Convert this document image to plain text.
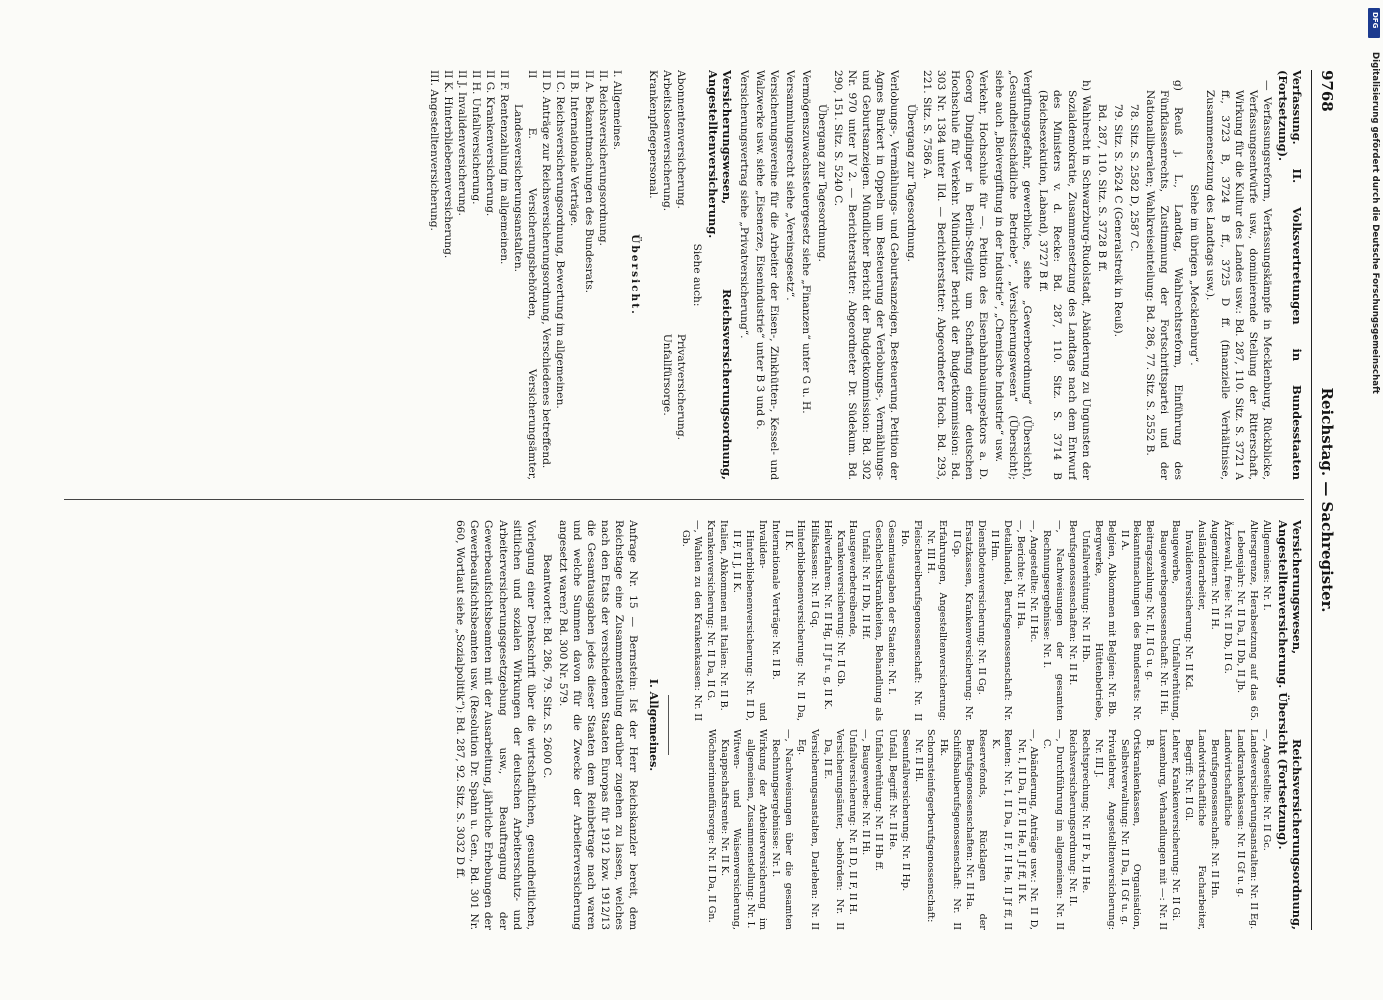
9768
Reichstag. — Sachregister.
Verfassung. II. Volksvertretungen in Bundesstaaten (Fortsetzung).
— Verfassungsreform, Verfassungskämpfe in Mecklenburg, Rückblicke, Verfassungsentwürfe usw., dominierende Stellung der Ritterschaft, Wirkung für die Kultur des Landes usw.: Bd. 287, 110. Sitz. S. 3721 A ff., 3723 B, 3724 B ff., 3725 D ff. (finanzielle Verhältnisse, Zusammensetzung des Landtags usw.).
Siehe im übrigen „Mecklenburg“.
g) Reuß j. L., Landtag, Wahlrechtsreform, Einführung des Fünfklassenrechts, Zustimmung der Fortschrittspartei und der Nationalliberalen; Wahlkreiseinteilung: Bd. 286, 77. Sitz. S. 2552 B.
78. Sitz. S. 2582 D, 2587 C.
79. Sitz. S. 2624 C (Generalstreik in Reuß).
Bd. 287, 110. Sitz. S. 3728 B ff.
h) Wahlrecht in Schwarzburg-Rudolstadt, Abänderung zu Ungunsten der Sozialdemokratie, Zusammensetzung des Landtags nach dem Entwurf des Ministers v. d. Recke: Bd. 287, 110. Sitz. S. 3714 B (Reichsexekution, Laband), 3727 B ff.
Vergiftungsgefahr, gewerbliche, siehe „Gewerbeordnung“ (Übersicht), „Gesundheitsschädliche Betriebe“, „Versicherungswesen“ (Übersicht); siehe auch „Bleivergiftung in der Industrie“, „Chemische Industrie“ usw.
Verkehr, Hochschule für —. Petition des Eisenbahnbauinspektors a. D. Georg Dinglinger in Berlin-Steglitz um Schaffung einer deutschen Hochschule für Verkehr. Mündlicher Bericht der Budgetkommission: Bd. 303 Nr. 1384 unter IId. — Berichterstatter: Abgeordneter Hoch. Bd. 293, 221. Sitz. S. 7586 A.
Übergang zur Tagesordnung.
Verlobungs-, Vermählungs- und Geburtsanzeigen, Besteuerung. Petition der Agnes Burkert in Oppeln um Besteuerung der Verlobungs-, Vermählungs- und Geburtsanzeigen. Mündlicher Bericht der Budgetkommission: Bd. 302 Nr. 970 unter IV 2. — Berichterstatter: Abgeordneter Dr. Südekum. Bd. 290, 151. Sitz. S. 5240 C.
Übergang zur Tagesordnung.
Vermögenszuwachssteuergesetz siehe „Finanzen“ unter G u. H.
Versammlungsrecht siehe „Vereinsgesetz“.
Versicherungsvereine für die Arbeiter der Eisen-, Zinkhütten-, Kessel- und Walzwerke usw. siehe „Eisenerze, Eisenindustrie“ unter B 3 und 6.
Versicherungsvertrag siehe „Privatversicherung“.
Versicherungswesen, Reichsversicherungsordnung, Angestelltenversicherung.
Siehe auch:
Abonnentenversicherung.
Arbeitslosenversicherung.
Krankenpflegepersonal.
Privatversicherung.
Unfallfürsorge.
Übersicht.
I. Allgemeines.
II. Reichsversicherungsordnung.
II A. Bekanntmachungen des Bundesrats.
II B. Internationale Verträge.
II C. Reichsversicherungsordnung, Bewertung im allgemeinen.
II D. Anträge zur Reichsversicherungsordnung, Verschiedenes betreffend.
II E. Versicherungsbehörden, Versicherungsämter, Landesversicherungsanstalten.
II F. Rentenzahlung im allgemeinen.
II G. Krankenversicherung.
II H. Unfallversicherung.
II J. Invalidenversicherung.
II K. Hinterbliebenenversicherung.
III. Angestelltenversicherung.
Versicherungswesen, Reichsversicherungsordnung, Angestelltenversicherung. Übersicht (Fortsetzung).
Allgemeines: Nr. I.
Altersgrenze, Herabsetzung auf das 65. Lebensjahr: Nr. II Da, II Db, II Jb.
Ärztewahl, freie: Nr. II Db, II G.
Augenzittern: Nr. II H.
Ausländerarbeiter, Invalidenversicherung: Nr. II Kd.
Baugewerbe, Unfallverhütung, Baugewerbsgenossenschaft: Nr. II Hi.
Beitragszahlung: Nr. II, II G u. g.
Bekanntmachungen des Bundesrats: Nr. II A.
Belgien, Abkommen mit Belgien: Nr. Bb.
Bergwerke, Hüttenbetriebe, Unfallverhütung: Nr. II Hb.
Berufsgenossenschaften: Nr. II H.
—, Nachweisungen der gesamten Rechnungsergebnisse: Nr. I.
—, Angestellte: Nr. II Hc.
—, Berichte: Nr. II Ha.
Detailhandel, Berufsgenossenschaft: Nr. II Hm.
Dienstbotenversicherung: Nr. II Gg.
Ersatzkassen, Krankenversicherung: Nr. II Gp.
Erfahrungen, Angestelltenversicherung: Nr. III H.
Fleischereiberufsgenossenschaft: Nr. II Ho.
Gesamtausgaben der Staaten: Nr. I.
Geschlechtskrankheiten, Behandlung als Unfall: Nr. II Db, II Hf.
Hausgewerbetreibende, Krankenversicherung: Nr. II Gb.
Heilverfahren: Nr. II Hg, II Jf u. g, II K.
Hilfskassen: Nr. II Gq.
Hinterbliebenenversicherung: Nr. II Da, II K.
Internationale Verträge: Nr. II B.
Invaliden- und Hinterbliebenenversicherung: Nr. II D, II F, II J, II K.
Italien, Abkommen mit Italien: Nr. II B.
Krankenversicherung: Nr. II Da, II G.
—, Wahlen zu den Krankenkassen: Nr. II Gb.
—, Angestellte: Nr. II Gc.
Landesversicherungsanstalten: Nr. II Eg.
Landkrankenkassen: Nr. II Gf u. g.
Landwirtschaftliche Berufsgenossenschaft: Nr. II Hn.
Landwirtschaftliche Facharbeiter, Begriff: Nr. II Gl.
Lehrer, Krankenversicherung: Nr. II Gi.
Luxemburg, Verhandlungen mit —: Nr. II B.
Ortskrankenkassen, Organisation, Selbstverwaltung: Nr. II Da, II Gf u. g.
Privatlehrer, Angestelltenversicherung: Nr. III J.
Rechtsprechung: Nr. II F b, II He.
Reichsversicherungsordnung: Nr. II.
—, Durchführung im allgemeinen: Nr. II C.
—, Abänderung, Anträge usw.: Nr. II D, Nr. I, II Da, II F, II He, II Jf ff, II K.
Renten: Nr. I, II Da, II F, II He, II Jf ff, II K.
Reservefonds, Rücklagen der Berufsgenossenschaften: Nr. II Ha.
Schiffsbauberufsgenossenschaft: Nr. II Hk.
Schornsteinfegerberufsgenossenschaft: Nr. II Hl.
Seeunfallversicherung: Nr. II Hp.
Unfall, Begriff: Nr. II He.
Unfallverhütung: Nr. II Hb ff.
—, Baugewerbe: Nr. II Hi.
Unfallversicherung: Nr. II D, II F, II H.
Versicherungsämter, -behörden: Nr. II Da, II E.
Versicherungsanstalten, Darlehen: Nr. II Eg.
—, Nachweisungen über die gesamten Rechnungsergebnisse: Nr. I.
Wirkung der Arbeiterversicherung im allgemeinen, Zusammenstellung: Nr. I.
Witwen- und Waisenversicherung, Knappschaftsrente: Nr. II K.
Wöchnerinnenfürsorge: Nr. II Da, II Gn.
I. Allgemeines.
Anfrage Nr. 15 — Bernstein: Ist der Herr Reichskanzler bereit, dem Reichstage eine Zusammenstellung darüber zugehen zu lassen, welches nach den Etats der verschiedenen Staaten Europas für 1912 bzw. 1912/13 die Gesamtausgaben jedes dieser Staaten dem Reinbetrage nach waren und welche Summen davon für die Zwecke der Arbeiterversicherung angesetzt waren? Bd. 300 Nr. 579.
Beantwortet: Bd. 286, 79. Sitz. S. 2600 C.
Vorlegung einer Denkschrift über die wirtschaftlichen, gesundheitlichen, sittlichen und sozialen Wirkungen der deutschen Arbeiterschutz- und Arbeiterversicherungsgesetzgebung usw., Beauftragung der Gewerbeaufsichtsbeamten mit der Ausarbeitung, jährliche Erhebungen der Gewerbeaufsichtsbeamten usw. (Resolution Dr. Spahn u. Gen., Bd. 301 Nr. 660, Wortlaut siehe „Sozialpolitik“): Bd. 287, 92. Sitz. S. 3032 D ff.
Digitalisierung gefördert durch die Deutsche Forschungsgemeinschaft
DFG
